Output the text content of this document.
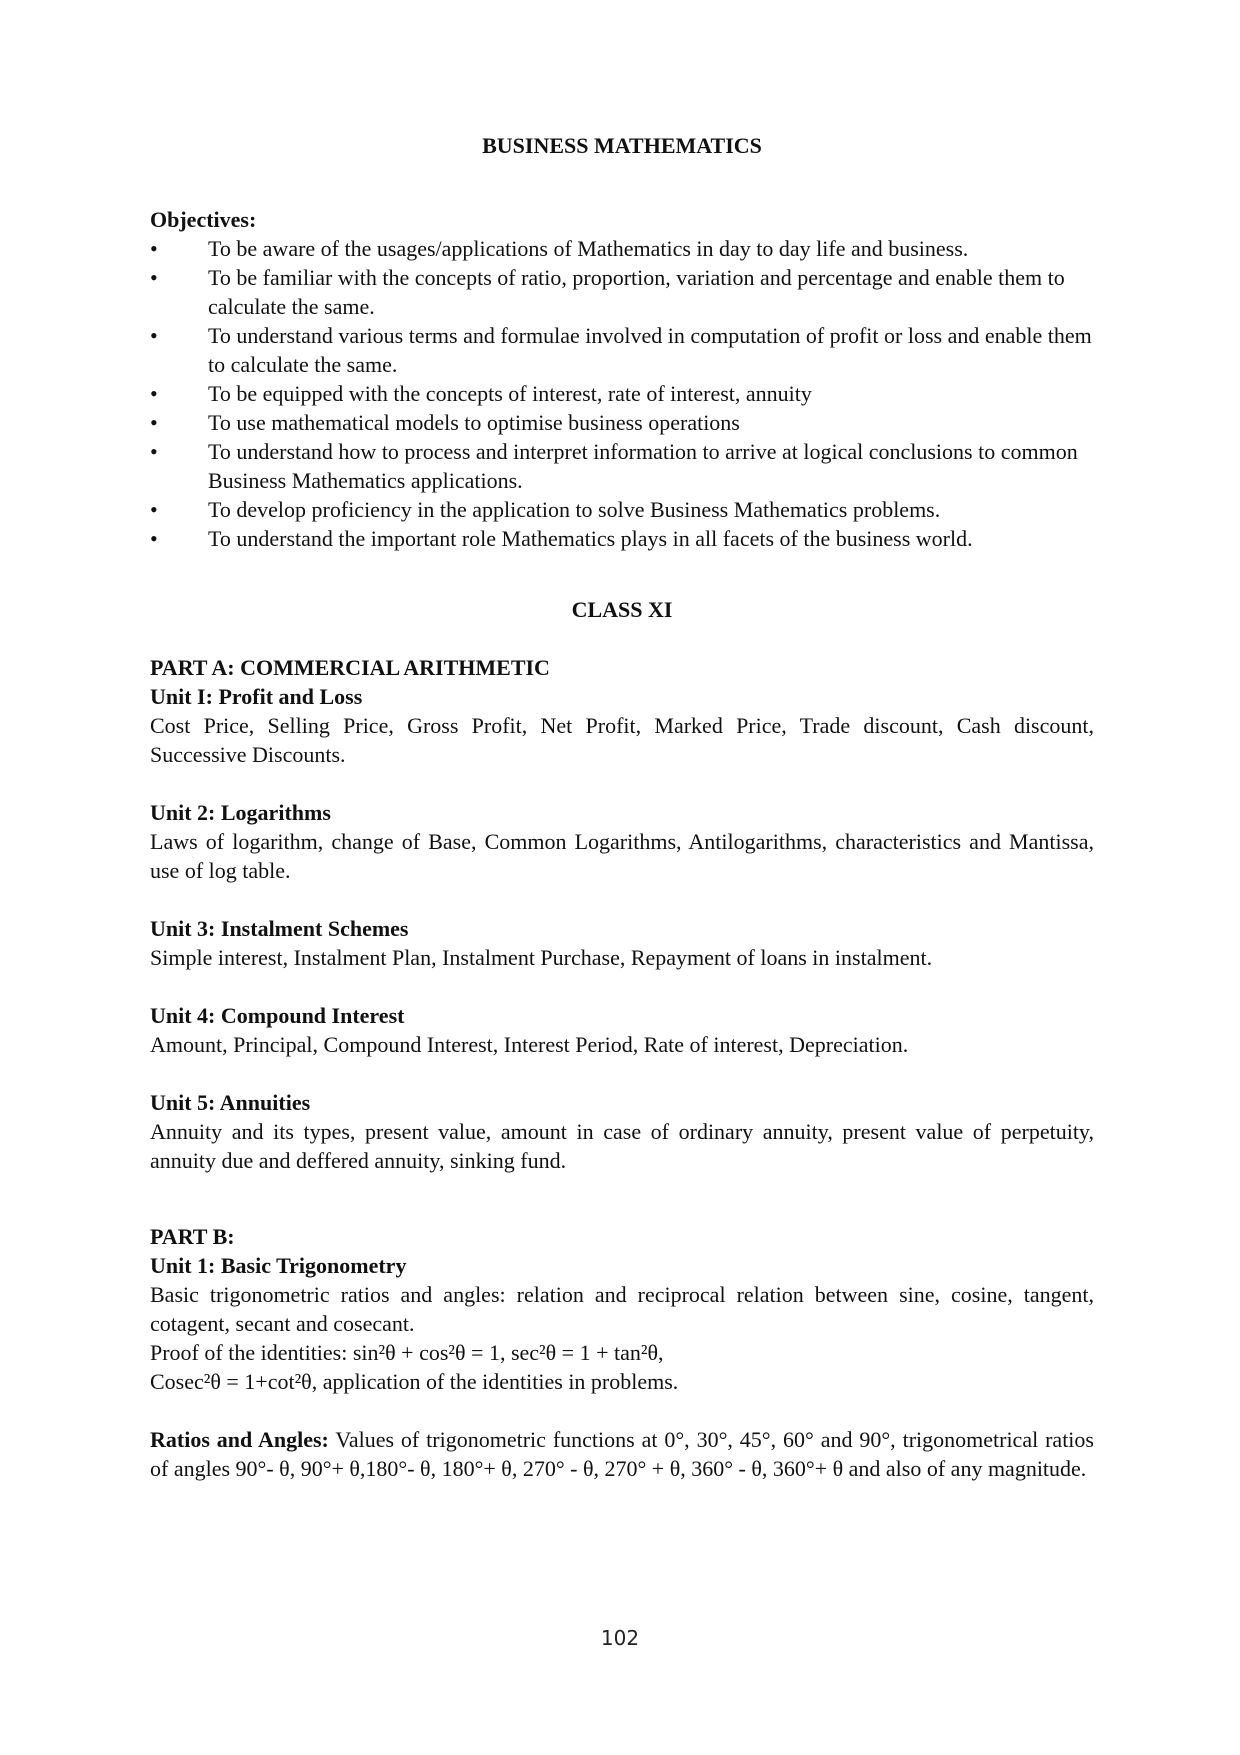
BUSINESS MATHEMATICS
Objectives:
• To be aware of the usages/applications of Mathematics in day to day life and business.
• To be familiar with the concepts of ratio, proportion, variation and percentage and enable them to calculate the same.
• To understand various terms and formulae involved in computation of profit or loss and enable them to calculate the same.
• To be equipped with the concepts of interest, rate of interest, annuity
• To use mathematical models to optimise business operations
• To understand how to process and interpret information to arrive at logical conclusions to common Business Mathematics applications.
• To develop proficiency in the application to solve Business Mathematics problems.
• To understand the important role Mathematics plays in all facets of the business world.
CLASS XI
PART A: COMMERCIAL ARITHMETIC
Unit I: Profit and Loss

Cost Price, Selling Price, Gross Profit, Net Profit, Marked Price, Trade discount, Cash discount, Successive Discounts.

Unit 2: Logarithms

Laws of logarithm, change of Base, Common Logarithms, Antilogarithms, characteristics and Mantissa, use of log table.

Unit 3: Instalment Schemes

Simple interest, Instalment Plan, Instalment Purchase, Repayment of loans in instalment.

Unit 4: Compound Interest

Amount, Principal, Compound Interest, Interest Period, Rate of interest, Depreciation.

Unit 5: Annuities

Annuity and its types, present value, amount in case of ordinary annuity, present value of perpetuity, annuity due and deffered annuity, sinking fund.

PART B:
Unit 1: Basic Trigonometry

Basic trigonometric ratios and angles: relation and reciprocal relation between sine, cosine, tangent, cotagent, secant and cosecant.

Proof of the identities: sin²θ + cos²θ = 1, sec²θ = 1 + tan²θ,
Cosec²θ = 1+cot²θ, application of the identities in problems.

Ratios and Angles: Values of trigonometric functions at 0°, 30°, 45°, 60° and 90°, trigonometrical ratios of angles 90°- θ, 90°+ θ,180°- θ, 180°+ θ, 270° - θ, 270° + θ, 360° - θ, 360°+ θ and also of any magnitude.

102
